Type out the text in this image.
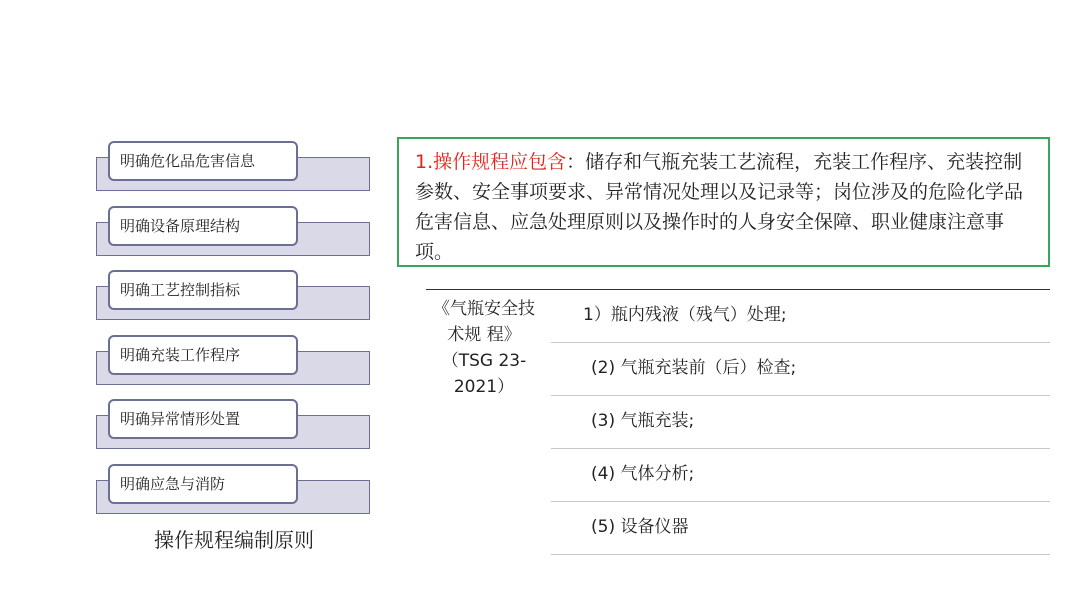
明确危化品危害信息
明确设备原理结构
明确工艺控制指标
明确充装工作程序
明确异常情形处置
明确应急与消防
操作规程编制原则
1.操作规程应包含：储存和气瓶充装工艺流程，充装工作程序、充装控制参数、安全事项要求、异常情况处理以及记录等；岗位涉及的危险化学品危害信息、应急处理原则以及操作时的人身安全保障、职业健康注意事项。
《气瓶安全技术规 程》（TSG 23-2021）
1）瓶内残液（残气）处理;
(2) 气瓶充装前（后）检查;
(3) 气瓶充装;
(4) 气体分析;
(5) 设备仪器
